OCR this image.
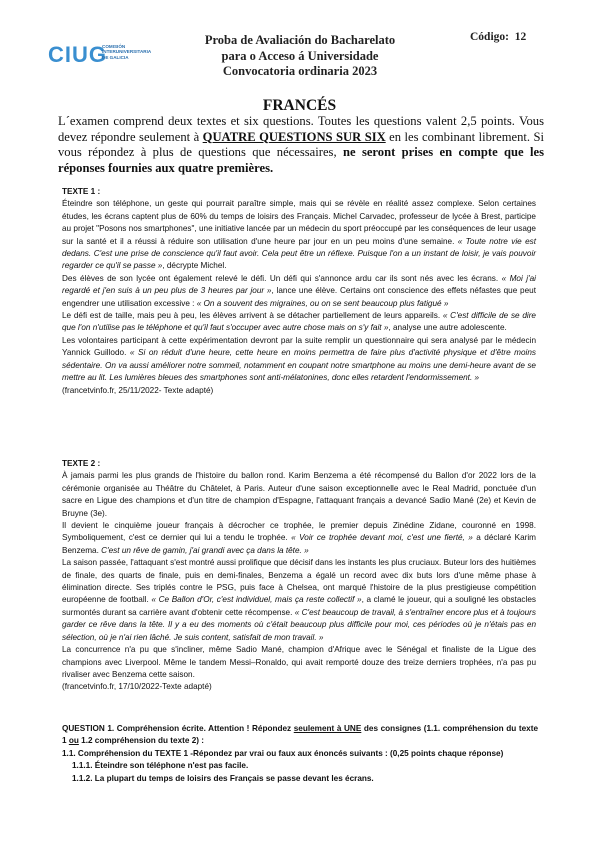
CIUG
COMISIÓN
INTERUNIVERSITARIA
DE GALICIA
Proba de Avaliación do Bacharelato
para o Acceso á Universidade
Convocatoria ordinaria 2023
Código: 12
FRANCÉS
L´examen comprend deux textes et six questions. Toutes les questions valent 2,5 points. Vous devez répondre seulement à QUATRE QUESTIONS SUR SIX en les combinant librement. Si vous répondez à plus de questions que nécessaires, ne seront prises en compte que les réponses fournies aux quatre premières.

TEXTE 1 :

Éteindre son téléphone, un geste qui pourrait paraître simple, mais qui se révèle en réalité assez complexe. Selon certaines études, les écrans captent plus de 60% du temps de loisirs des Français. Michel Carvadec, professeur de lycée à Brest, participe au projet "Posons nos smartphones", une initiative lancée par un médecin du sport préoccupé par les conséquences de leur usage sur la santé et il a réussi à réduire son utilisation d'une heure par jour en un peu moins d'une semaine. « Toute notre vie est dedans. C'est une prise de conscience qu'il faut avoir. Cela peut être un réflexe. Puisque l'on a un instant de loisir, je vais pouvoir regarder ce qu'il se passe », décrypte Michel.

Des élèves de son lycée ont également relevé le défi. Un défi qui s'annonce ardu car ils sont nés avec les écrans. « Moi j'ai regardé et j'en suis à un peu plus de 3 heures par jour », lance une élève. Certains ont conscience des effets néfastes que peut engendrer une utilisation excessive : « On a souvent des migraines, ou on se sent beaucoup plus fatigué »

Le défi est de taille, mais peu à peu, les élèves arrivent à se détacher partiellement de leurs appareils. « C'est difficile de se dire que l'on n'utilise pas le téléphone et qu'il faut s'occuper avec autre chose mais on s'y fait », analyse une autre adolescente.

Les volontaires participant à cette expérimentation devront par la suite remplir un questionnaire qui sera analysé par le médecin Yannick Guillodo. « Si on réduit d'une heure, cette heure en moins permettra de faire plus d'activité physique et d'être moins sédentaire. On va aussi améliorer notre sommeil, notamment en coupant notre smartphone au moins une demi-heure avant de se mettre au lit. Les lumières bleues des smartphones sont anti-mélatonines, donc elles retardent l'endormissement. »

(francetvinfo.fr, 25/11/2022- Texte adapté)

TEXTE 2 :

À jamais parmi les plus grands de l'histoire du ballon rond. Karim Benzema a été récompensé du Ballon d'or 2022 lors de la cérémonie organisée au Théâtre du Châtelet, à Paris. Auteur d'une saison exceptionnelle avec le Real Madrid, ponctuée d'un sacre en Ligue des champions et d'un titre de champion d'Espagne, l'attaquant français a devancé Sadio Mané (2e) et Kevin de Bruyne (3e).

Il devient le cinquième joueur français à décrocher ce trophée, le premier depuis Zinédine Zidane, couronné en 1998. Symboliquement, c'est ce dernier qui lui a tendu le trophée. « Voir ce trophée devant moi, c'est une fierté, » a déclaré Karim Benzema. C'est un rêve de gamin, j'ai grandi avec ça dans la tête. »

La saison passée, l'attaquant s'est montré aussi prolifique que décisif dans les instants les plus cruciaux. Buteur lors des huitièmes de finale, des quarts de finale, puis en demi-finales, Benzema a égalé un record avec dix buts lors d'une même phase à élimination directe. Ses triplés contre le PSG, puis face à Chelsea, ont marqué l'histoire de la plus prestigieuse compétition européenne de football. « Ce Ballon d'Or, c'est individuel, mais ça reste collectif », a clamé le joueur, qui a souligné les obstacles surmontés durant sa carrière avant d'obtenir cette récompense. « C'est beaucoup de travail, à s'entraîner encore plus et à toujours garder ce rêve dans la tête. Il y a eu des moments où c'était beaucoup plus difficile pour moi, ces périodes où je n'étais pas en sélection, où je n'ai rien lâché. Je suis content, satisfait de mon travail. »

La concurrence n'a pu que s'incliner, même Sadio Mané, champion d'Afrique avec le Sénégal et finaliste de la Ligue des champions avec Liverpool. Même le tandem Messi–Ronaldo, qui avait remporté douze des treize derniers trophées, n'a pas pu rivaliser avec Benzema cette saison.

(francetvinfo.fr, 17/10/2022-Texte adapté)

QUESTION 1. Compréhension écrite. Attention ! Répondez seulement à UNE des consignes (1.1. compréhension du texte 1 ou 1.2 compréhension du texte 2) :

1.1. Compréhension du TEXTE 1 -Répondez par vrai ou faux aux énoncés suivants : (0,25 points chaque réponse)

1.1.1. Éteindre son téléphone n'est pas facile.

1.1.2. La plupart du temps de loisirs des Français se passe devant les écrans.
